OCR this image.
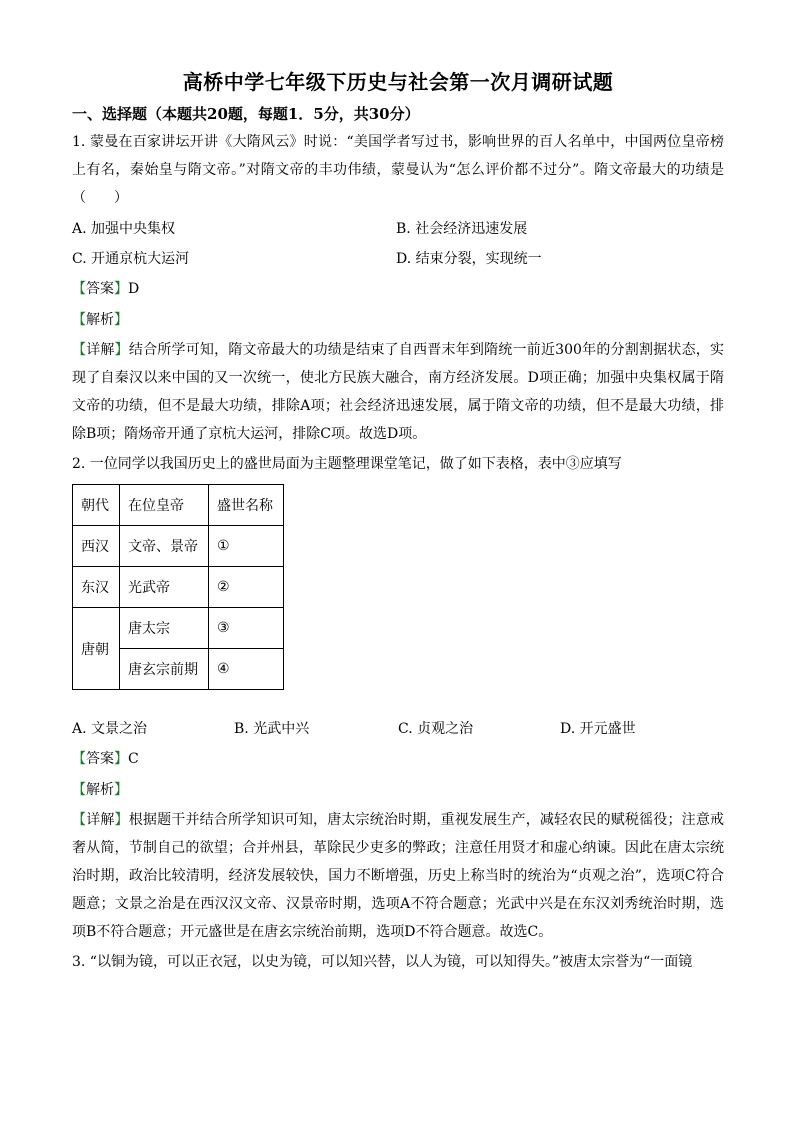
高桥中学七年级下历史与社会第一次月调研试题
一、选择题（本题共20题，每题1．5分，共30分）
1. 蒙曼在百家讲坛开讲《大隋风云》时说：“美国学者写过书，影响世界的百人名单中，中国两位皇帝榜上有名，秦始皇与隋文帝。”对隋文帝的丰功伟绩，蒙曼认为“怎么评价都不过分”。隋文帝最大的功绩是（　　）
A. 加强中央集权	B. 社会经济迅速发展
C. 开通京杭大运河	D. 结束分裂，实现统一
【答案】D
【解析】
【详解】结合所学可知，隋文帝最大的功绩是结束了自西晋末年到隋统一前近300年的分割割据状态，实现了自秦汉以来中国的又一次统一，使北方民族大融合，南方经济发展。D项正确；加强中央集权属于隋文帝的功绩，但不是最大功绩，排除A项；社会经济迅速发展，属于隋文帝的功绩，但不是最大功绩，排除B项；隋炀帝开通了京杭大运河，排除C项。故选D项。
2. 一位同学以我国历史上的盛世局面为主题整理课堂笔记，做了如下表格，表中③应填写
朝代	在位皇帝	盛世名称
西汉	文帝、景帝	①
东汉	光武帝	②
唐朝	唐太宗	③
	唐玄宗前期	④
A. 文景之治	B. 光武中兴	C. 贞观之治	D. 开元盛世
【答案】C
【解析】
【详解】根据题干并结合所学知识可知，唐太宗统治时期，重视发展生产，减轻农民的赋税徭役；注意戒奢从简，节制自己的欲望；合并州县，革除民少吏多的弊政；注意任用贤才和虚心纳谏。因此在唐太宗统治时期，政治比较清明，经济发展较快，国力不断增强，历史上称当时的统治为“贞观之治”，选项C符合题意；文景之治是在西汉汉文帝、汉景帝时期，选项A不符合题意；光武中兴是在东汉刘秀统治时期，选项B不符合题意；开元盛世是在唐玄宗统治前期，选项D不符合题意。故选C。
3. “以铜为镜，可以正衣冠，以史为镜，可以知兴替，以人为镜，可以知得失。”被唐太宗誉为“一面镜
